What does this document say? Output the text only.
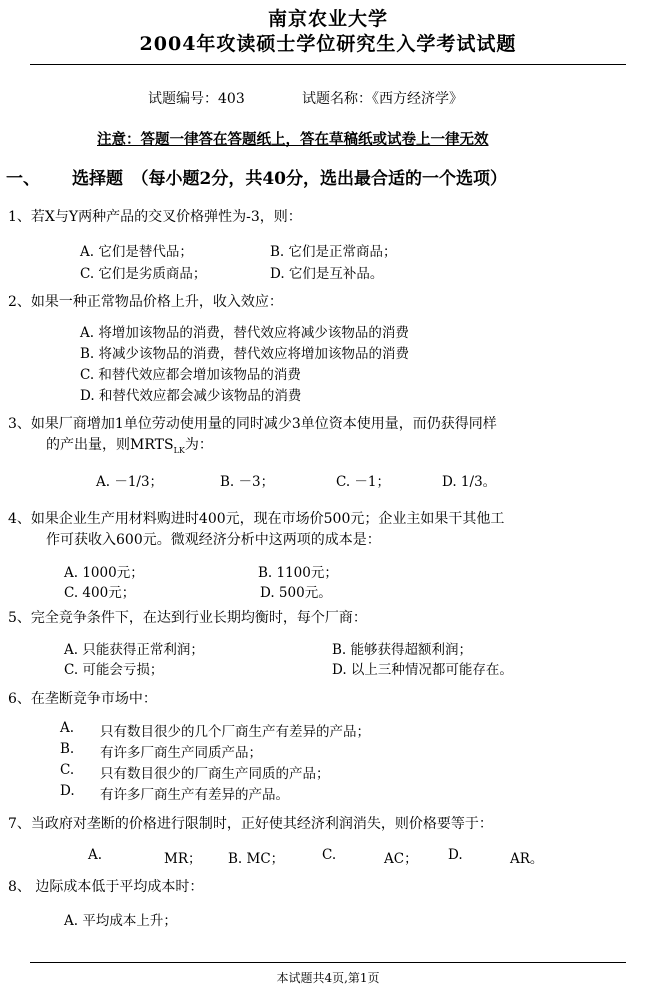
南京农业大学
2004年攻读硕士学位研究生入学考试试题
试题编号：403	试题名称：《西方经济学》
注意：答题一律答在答题纸上，答在草稿纸或试卷上一律无效
一、 选择题　（每小题2分，共40分，选出最合适的一个选项）
1、若X与Y两种产品的交叉价格弹性为-3，则：
A. 它们是替代品；	B. 它们是正常商品；
C. 它们是劣质商品；	D. 它们是互补品。
2、如果一种正常物品价格上升，收入效应：
A. 将增加该物品的消费，替代效应将减少该物品的消费
B. 将减少该物品的消费，替代效应将增加该物品的消费
C. 和替代效应都会增加该物品的消费
D. 和替代效应都会减少该物品的消费
3、如果厂商增加1单位劳动使用量的同时减少3单位资本使用量，而仍获得同样
的产出量，则$MRTS_{LK}$为：
A. －1/3；	B. －3；	C. －1；	D. 1/3。
4、如果企业生产用材料购进时400元，现在市场价500元；企业主如果干其他工
作可获收入600元。微观经济分析中这两项的成本是：
A. 1000元；	B. 1100元；
C. 400元；	D. 500元。
5、完全竞争条件下，在达到行业长期均衡时，每个厂商：
A. 只能获得正常利润；	B. 能够获得超额利润；
C. 可能会亏损；	D. 以上三种情况都可能存在。
6、在垄断竞争市场中：
A. 只有数目很少的几个厂商生产有差异的产品；
B. 有许多厂商生产同质产品；
C. 只有数目很少的厂商生产同质的产品；
D. 有许多厂商生产有差异的产品。
7、当政府对垄断的价格进行限制时，正好使其经济利润消失，则价格要等于：
A.	MR； B. MC；	C.	AC； D.	AR。
8、 边际成本低于平均成本时：
A. 平均成本上升；
本试题共4页,第1页
